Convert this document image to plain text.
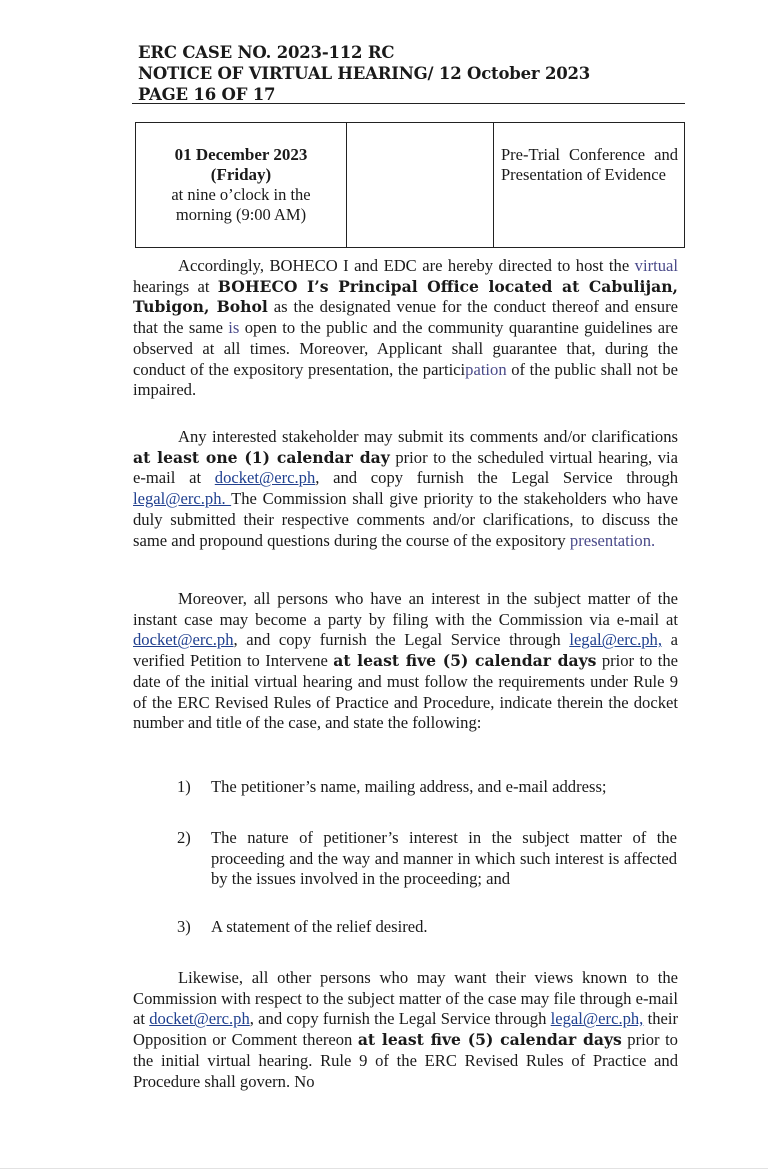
ERC CASE NO. 2023-112 RC
NOTICE OF VIRTUAL HEARING/ 12 October 2023
PAGE 16 OF 17
01 December 2023
(Friday)
at nine o’clock in the
morning (9:00 AM)
		Pre-Trial Conference and Presentation of Evidence

Accordingly, BOHECO I and EDC are hereby directed to host the virtual hearings at BOHECO I’s Principal Office located at Cabulijan, Tubigon, Bohol as the designated venue for the conduct thereof and ensure that the same is open to the public and the community quarantine guidelines are observed at all times. Moreover, Applicant shall guarantee that, during the conduct of the expository presentation, the participation of the public shall not be impaired.

Any interested stakeholder may submit its comments and/or clarifications at least one (1) calendar day prior to the scheduled virtual hearing, via e-mail at docket@erc.ph, and copy furnish the Legal Service through legal@erc.ph. The Commission shall give priority to the stakeholders who have duly submitted their respective comments and/or clarifications, to discuss the same and propound questions during the course of the expository presentation.

Moreover, all persons who have an interest in the subject matter of the instant case may become a party by filing with the Commission via e-mail at docket@erc.ph, and copy furnish the Legal Service through legal@erc.ph, a verified Petition to Intervene at least five (5) calendar days prior to the date of the initial virtual hearing and must follow the requirements under Rule 9 of the ERC Revised Rules of Practice and Procedure, indicate therein the docket number and title of the case, and state the following:

1)	The petitioner’s name, mailing address, and e-mail address;
2)	The nature of petitioner’s interest in the subject matter of the proceeding and the way and manner in which such interest is affected by the issues involved in the proceeding; and
3)	A statement of the relief desired.

Likewise, all other persons who may want their views known to the Commission with respect to the subject matter of the case may file through e-mail at docket@erc.ph, and copy furnish the Legal Service through legal@erc.ph, their Opposition or Comment thereon at least five (5) calendar days prior to the initial virtual hearing. Rule 9 of the ERC Revised Rules of Practice and Procedure shall govern. No
